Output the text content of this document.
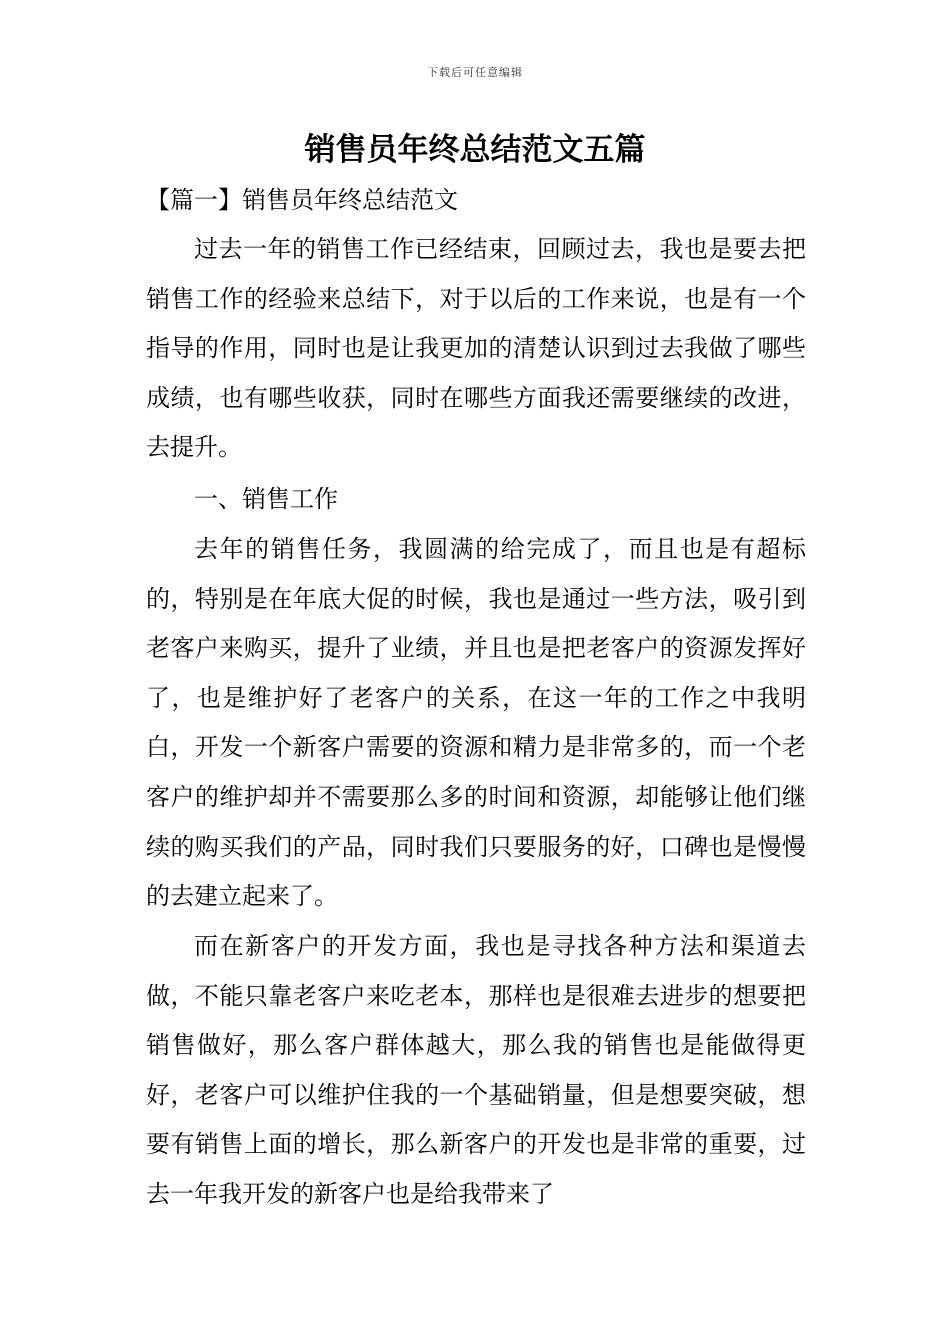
下载后可任意编辑
销售员年终总结范文五篇
【篇一】销售员年终总结范文
过去一年的销售工作已经结束，回顾过去，我也是要去把销售工作的经验来总结下，对于以后的工作来说，也是有一个指导的作用，同时也是让我更加的清楚认识到过去我做了哪些成绩，也有哪些收获，同时在哪些方面我还需要继续的改进，去提升。
一、销售工作
去年的销售任务，我圆满的给完成了，而且也是有超标的，特别是在年底大促的时候，我也是通过一些方法，吸引到老客户来购买，提升了业绩，并且也是把老客户的资源发挥好了，也是维护好了老客户的关系，在这一年的工作之中我明白，开发一个新客户需要的资源和精力是非常多的，而一个老客户的维护却并不需要那么多的时间和资源，却能够让他们继续的购买我们的产品，同时我们只要服务的好，口碑也是慢慢的去建立起来了。
而在新客户的开发方面，我也是寻找各种方法和渠道去做，不能只靠老客户来吃老本，那样也是很难去进步的想要把销售做好，那么客户群体越大，那么我的销售也是能做得更好，老客户可以维护住我的一个基础销量，但是想要突破，想要有销售上面的增长，那么新客户的开发也是非常的重要，过去一年我开发的新客户也是给我带来了
